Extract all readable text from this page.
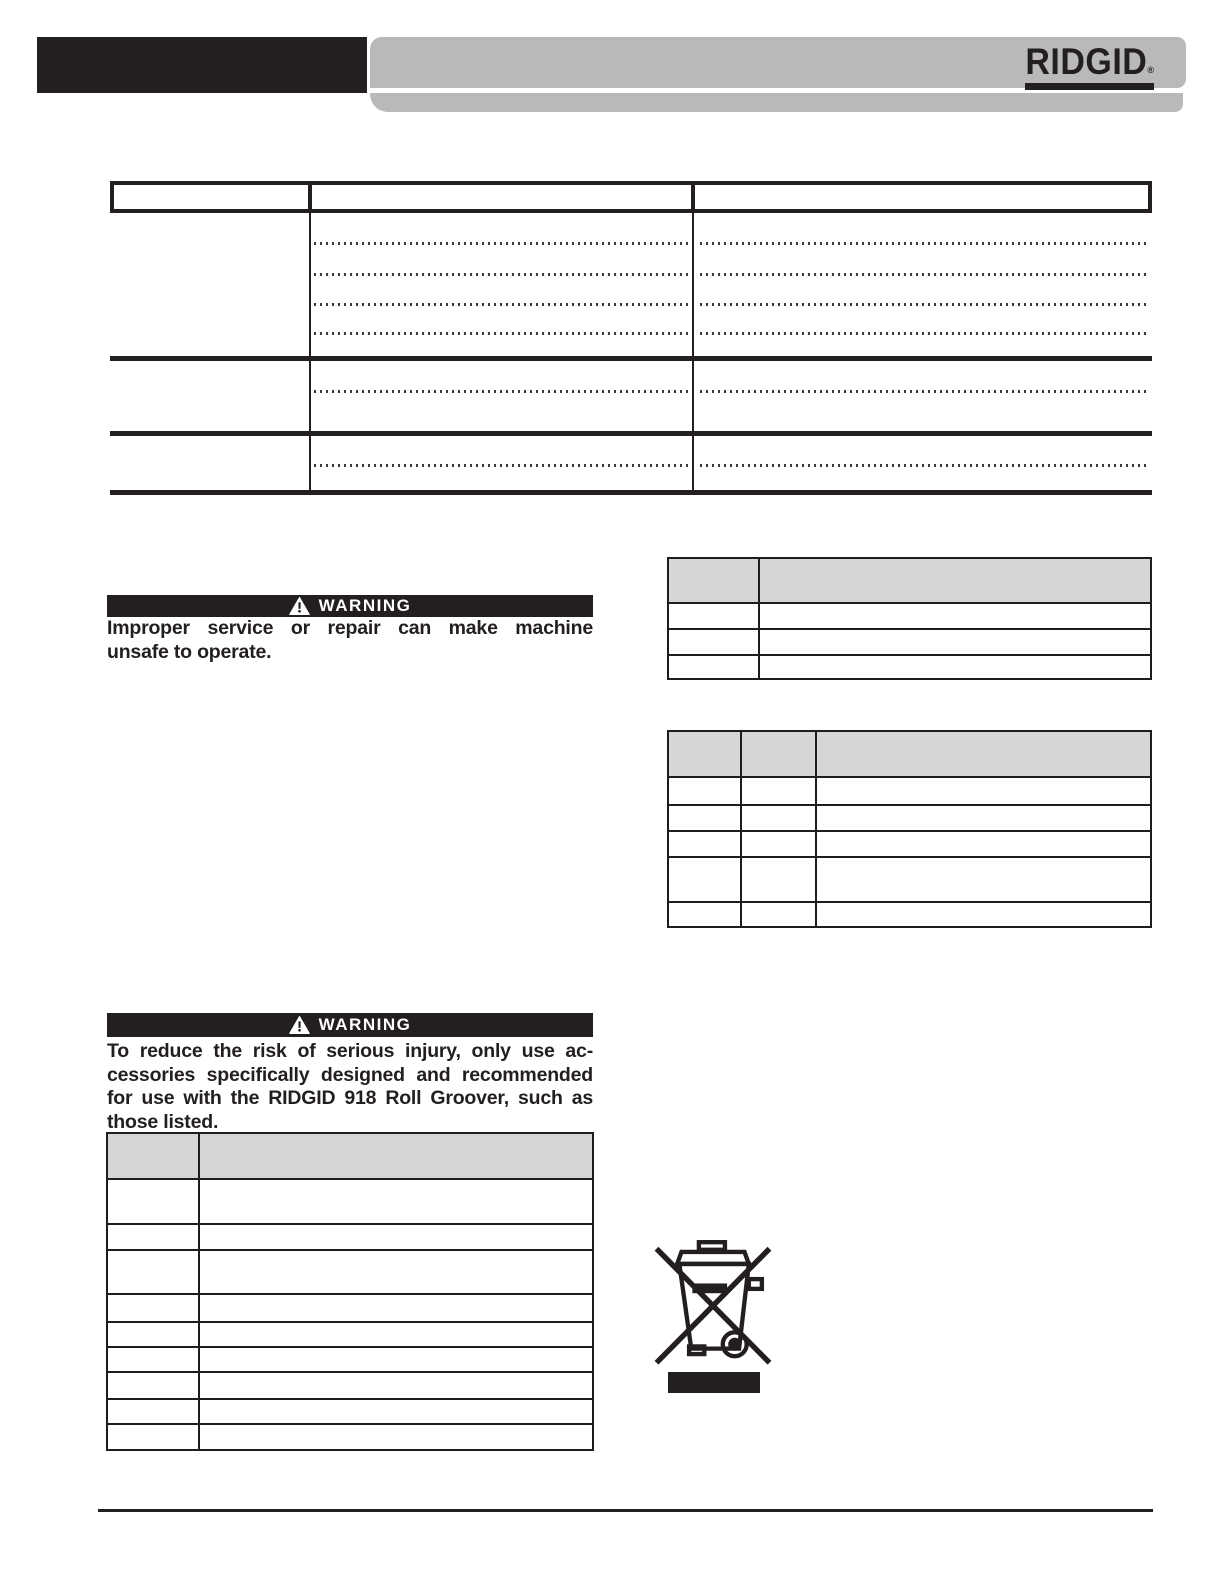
RIDGID®
WARNING
Improper service or repair can make machine
unsafe to operate.
WARNING
To reduce the risk of serious injury, only use ac-
cessories specifically designed and recommended
for use with the RIDGID 918 Roll Groover, such as
those listed.
